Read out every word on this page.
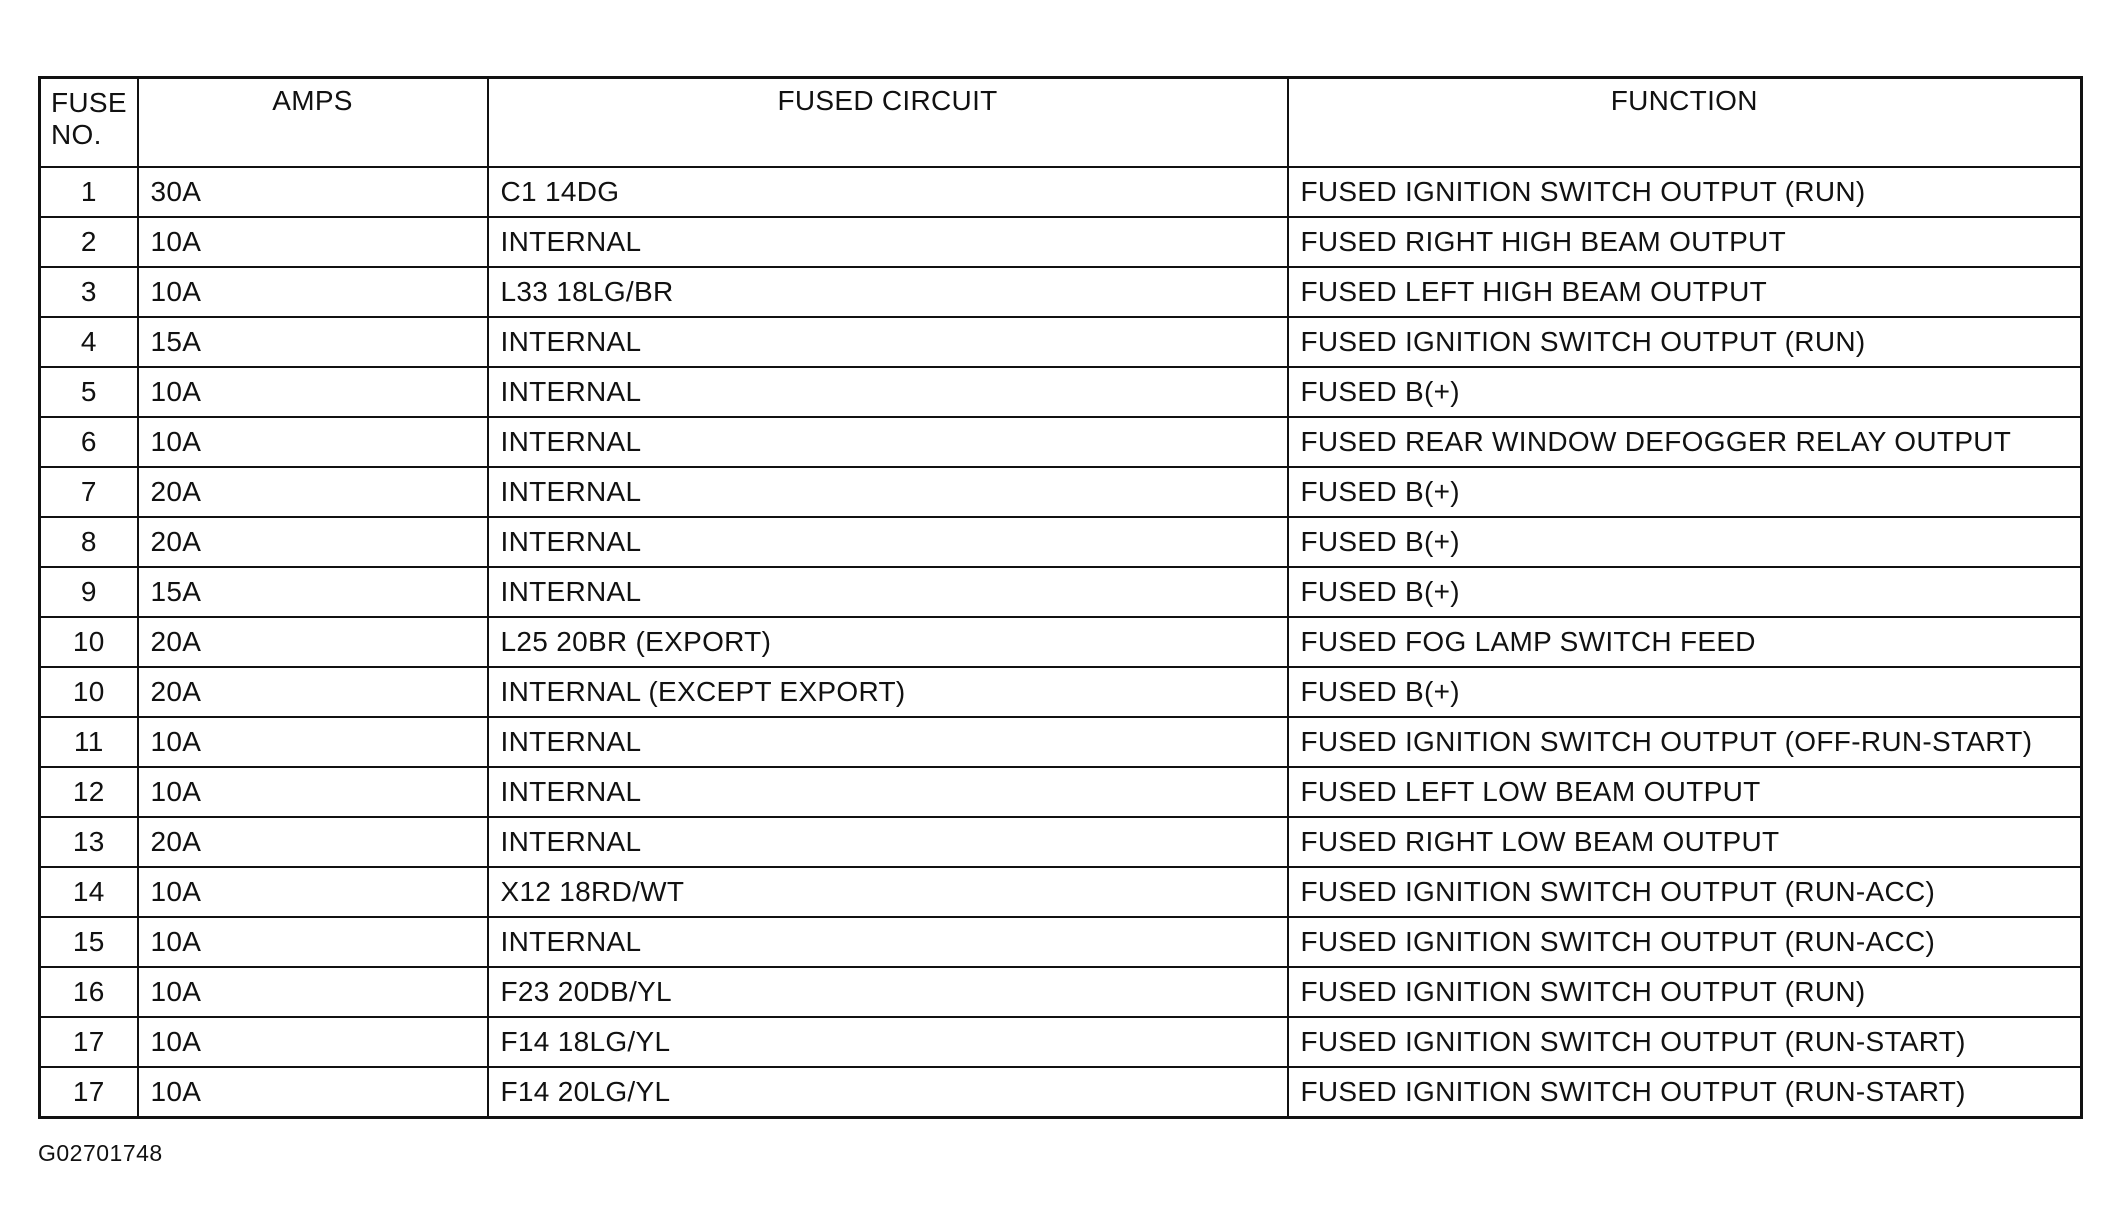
FUSE
NO.	AMPS	FUSED CIRCUIT	FUNCTION
1	30A	C1 14DG	FUSED IGNITION SWITCH OUTPUT (RUN)
2	10A	INTERNAL	FUSED RIGHT HIGH BEAM OUTPUT
3	10A	L33 18LG/BR	FUSED LEFT HIGH BEAM OUTPUT
4	15A	INTERNAL	FUSED IGNITION SWITCH OUTPUT (RUN)
5	10A	INTERNAL	FUSED B(+)
6	10A	INTERNAL	FUSED REAR WINDOW DEFOGGER RELAY OUTPUT
7	20A	INTERNAL	FUSED B(+)
8	20A	INTERNAL	FUSED B(+)
9	15A	INTERNAL	FUSED B(+)
10	20A	L25 20BR (EXPORT)	FUSED FOG LAMP SWITCH FEED
10	20A	INTERNAL (EXCEPT EXPORT)	FUSED B(+)
11	10A	INTERNAL	FUSED IGNITION SWITCH OUTPUT (OFF-RUN-START)
12	10A	INTERNAL	FUSED LEFT LOW BEAM OUTPUT
13	20A	INTERNAL	FUSED RIGHT LOW BEAM OUTPUT
14	10A	X12 18RD/WT	FUSED IGNITION SWITCH OUTPUT (RUN-ACC)
15	10A	INTERNAL	FUSED IGNITION SWITCH OUTPUT (RUN-ACC)
16	10A	F23 20DB/YL	FUSED IGNITION SWITCH OUTPUT (RUN)
17	10A	F14 18LG/YL	FUSED IGNITION SWITCH OUTPUT (RUN-START)
17	10A	F14 20LG/YL	FUSED IGNITION SWITCH OUTPUT (RUN-START)
G02701748
